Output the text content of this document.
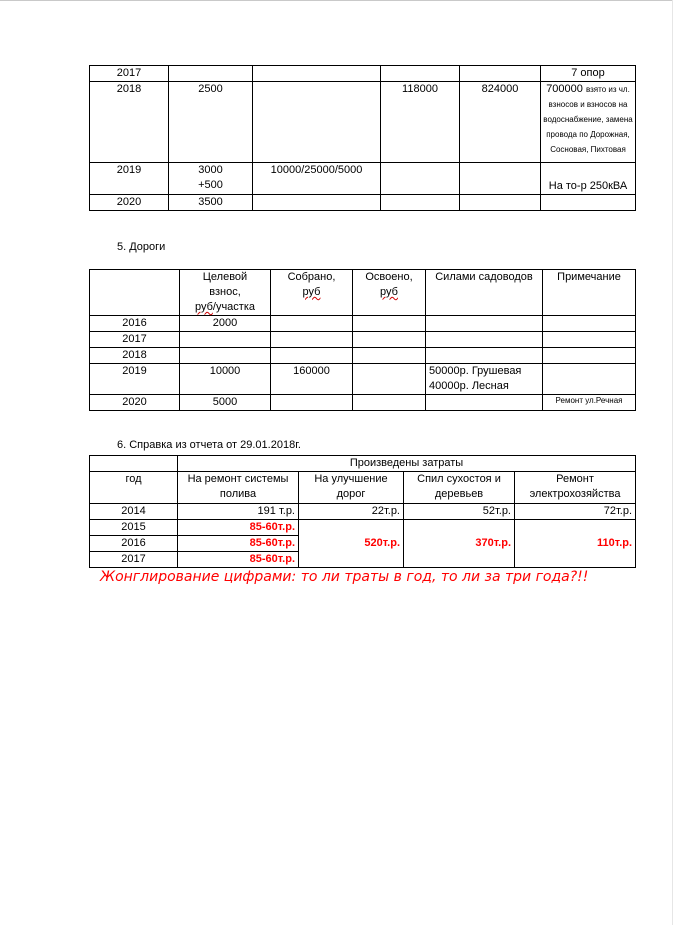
2017					7 опор
2018	2500		118000	824000	700000 взято из чл. взносов и взносов на водоснабжение, замена провода по Дорожная, Сосновая, Пихтовая
2019	3000
+500	10000/25000/5000			На то-р 250кВА
2020	3500				
5. Дороги
	Целевой
взнос,
руб/участка	Собрано,
руб	Освоено,
руб	Силами садоводов	Примечание
2016	2000				
2017					
2018					
2019	10000	160000		50000р. Грушевая
40000р. Лесная	

2020	5000				Ремонт ул.Речная
6. Справка из отчета от 29.01.2018г.
	Произведены затраты			
год	На ремонт системы полива	На улучшение дорог	Спил сухостоя и деревьев	Ремонт электрохозяйства
2014	191 т.р.	22т.р.	52т.р.	72т.р.
2015	85-60т.р.	520т.р.	370т.р.	110т.р.
2016	85-60т.р.			
2017	85-60т.р.			
Жонглирование цифрами: то ли траты в год, то ли за три года?!!
